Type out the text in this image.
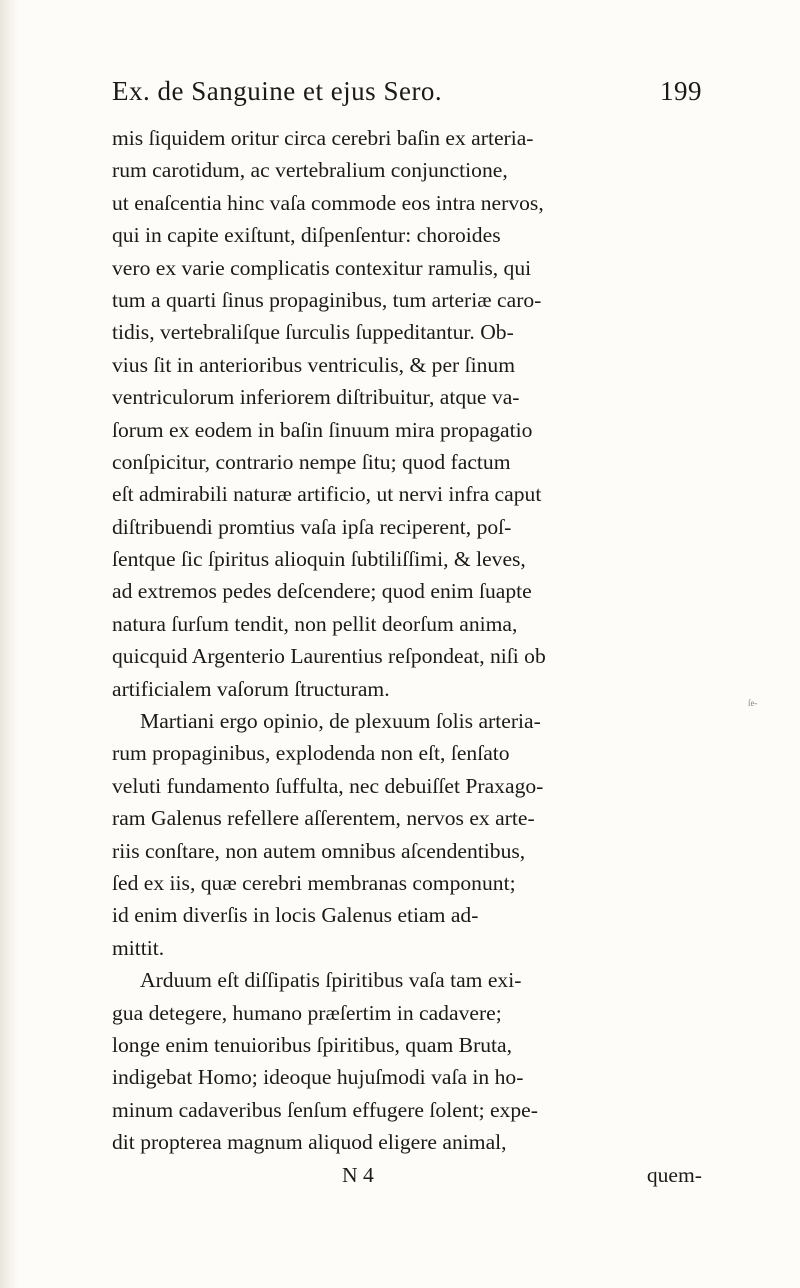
Ex. de Sanguine et ejus Sero.	199
mis ſiquidem oritur circa cerebri baſin ex arteria-
rum carotidum, ac vertebralium conjunctione,
ut enaſcentia hinc vaſa commode eos intra nervos,
qui in capite exiſtunt, diſpenſentur: choroides
vero ex varie complicatis contexitur ramulis, qui
tum a quarti ſinus propaginibus, tum arteriæ caro-
tidis, vertebraliſque ſurculis ſuppeditantur. Ob-
vius ſit in anterioribus ventriculis, & per ſinum
ventriculorum inferiorem diſtribuitur, atque va-
ſorum ex eodem in baſin ſinuum mira propagatio
conſpicitur, contrario nempe ſitu; quod factum
eſt admirabili naturæ artificio, ut nervi infra caput
diſtribuendi promtius vaſa ipſa reciperent, poſ-
ſentque ſic ſpiritus alioquin ſubtiliſſimi, & leves,
ad extremos pedes deſcendere; quod enim ſuapte
natura ſurſum tendit, non pellit deorſum anima,
quicquid Argenterio Laurentius reſpondeat, niſi ob
artificialem vaſorum ſtructuram.
Martiani ergo opinio, de plexuum ſolis arteria-
rum propaginibus, explodenda non eſt, ſenſato
veluti fundamento ſuffulta, nec debuiſſet Praxago-
ram Galenus refellere aſſerentem, nervos ex arte-
riis conſtare, non autem omnibus aſcendentibus,
ſed ex iis, quæ cerebri membranas componunt;
id enim diverſis in locis Galenus etiam ad-
mittit.
Arduum eſt diſſipatis ſpiritibus vaſa tam exi-
gua detegere, humano præſertim in cadavere;
longe enim tenuioribus ſpiritibus, quam Bruta,
indigebat Homo; ideoque hujuſmodi vaſa in ho-
minum cadaveribus ſenſum effugere ſolent; expe-
dit propterea magnum aliquod eligere animal,
N 4	quem-
ſe-
